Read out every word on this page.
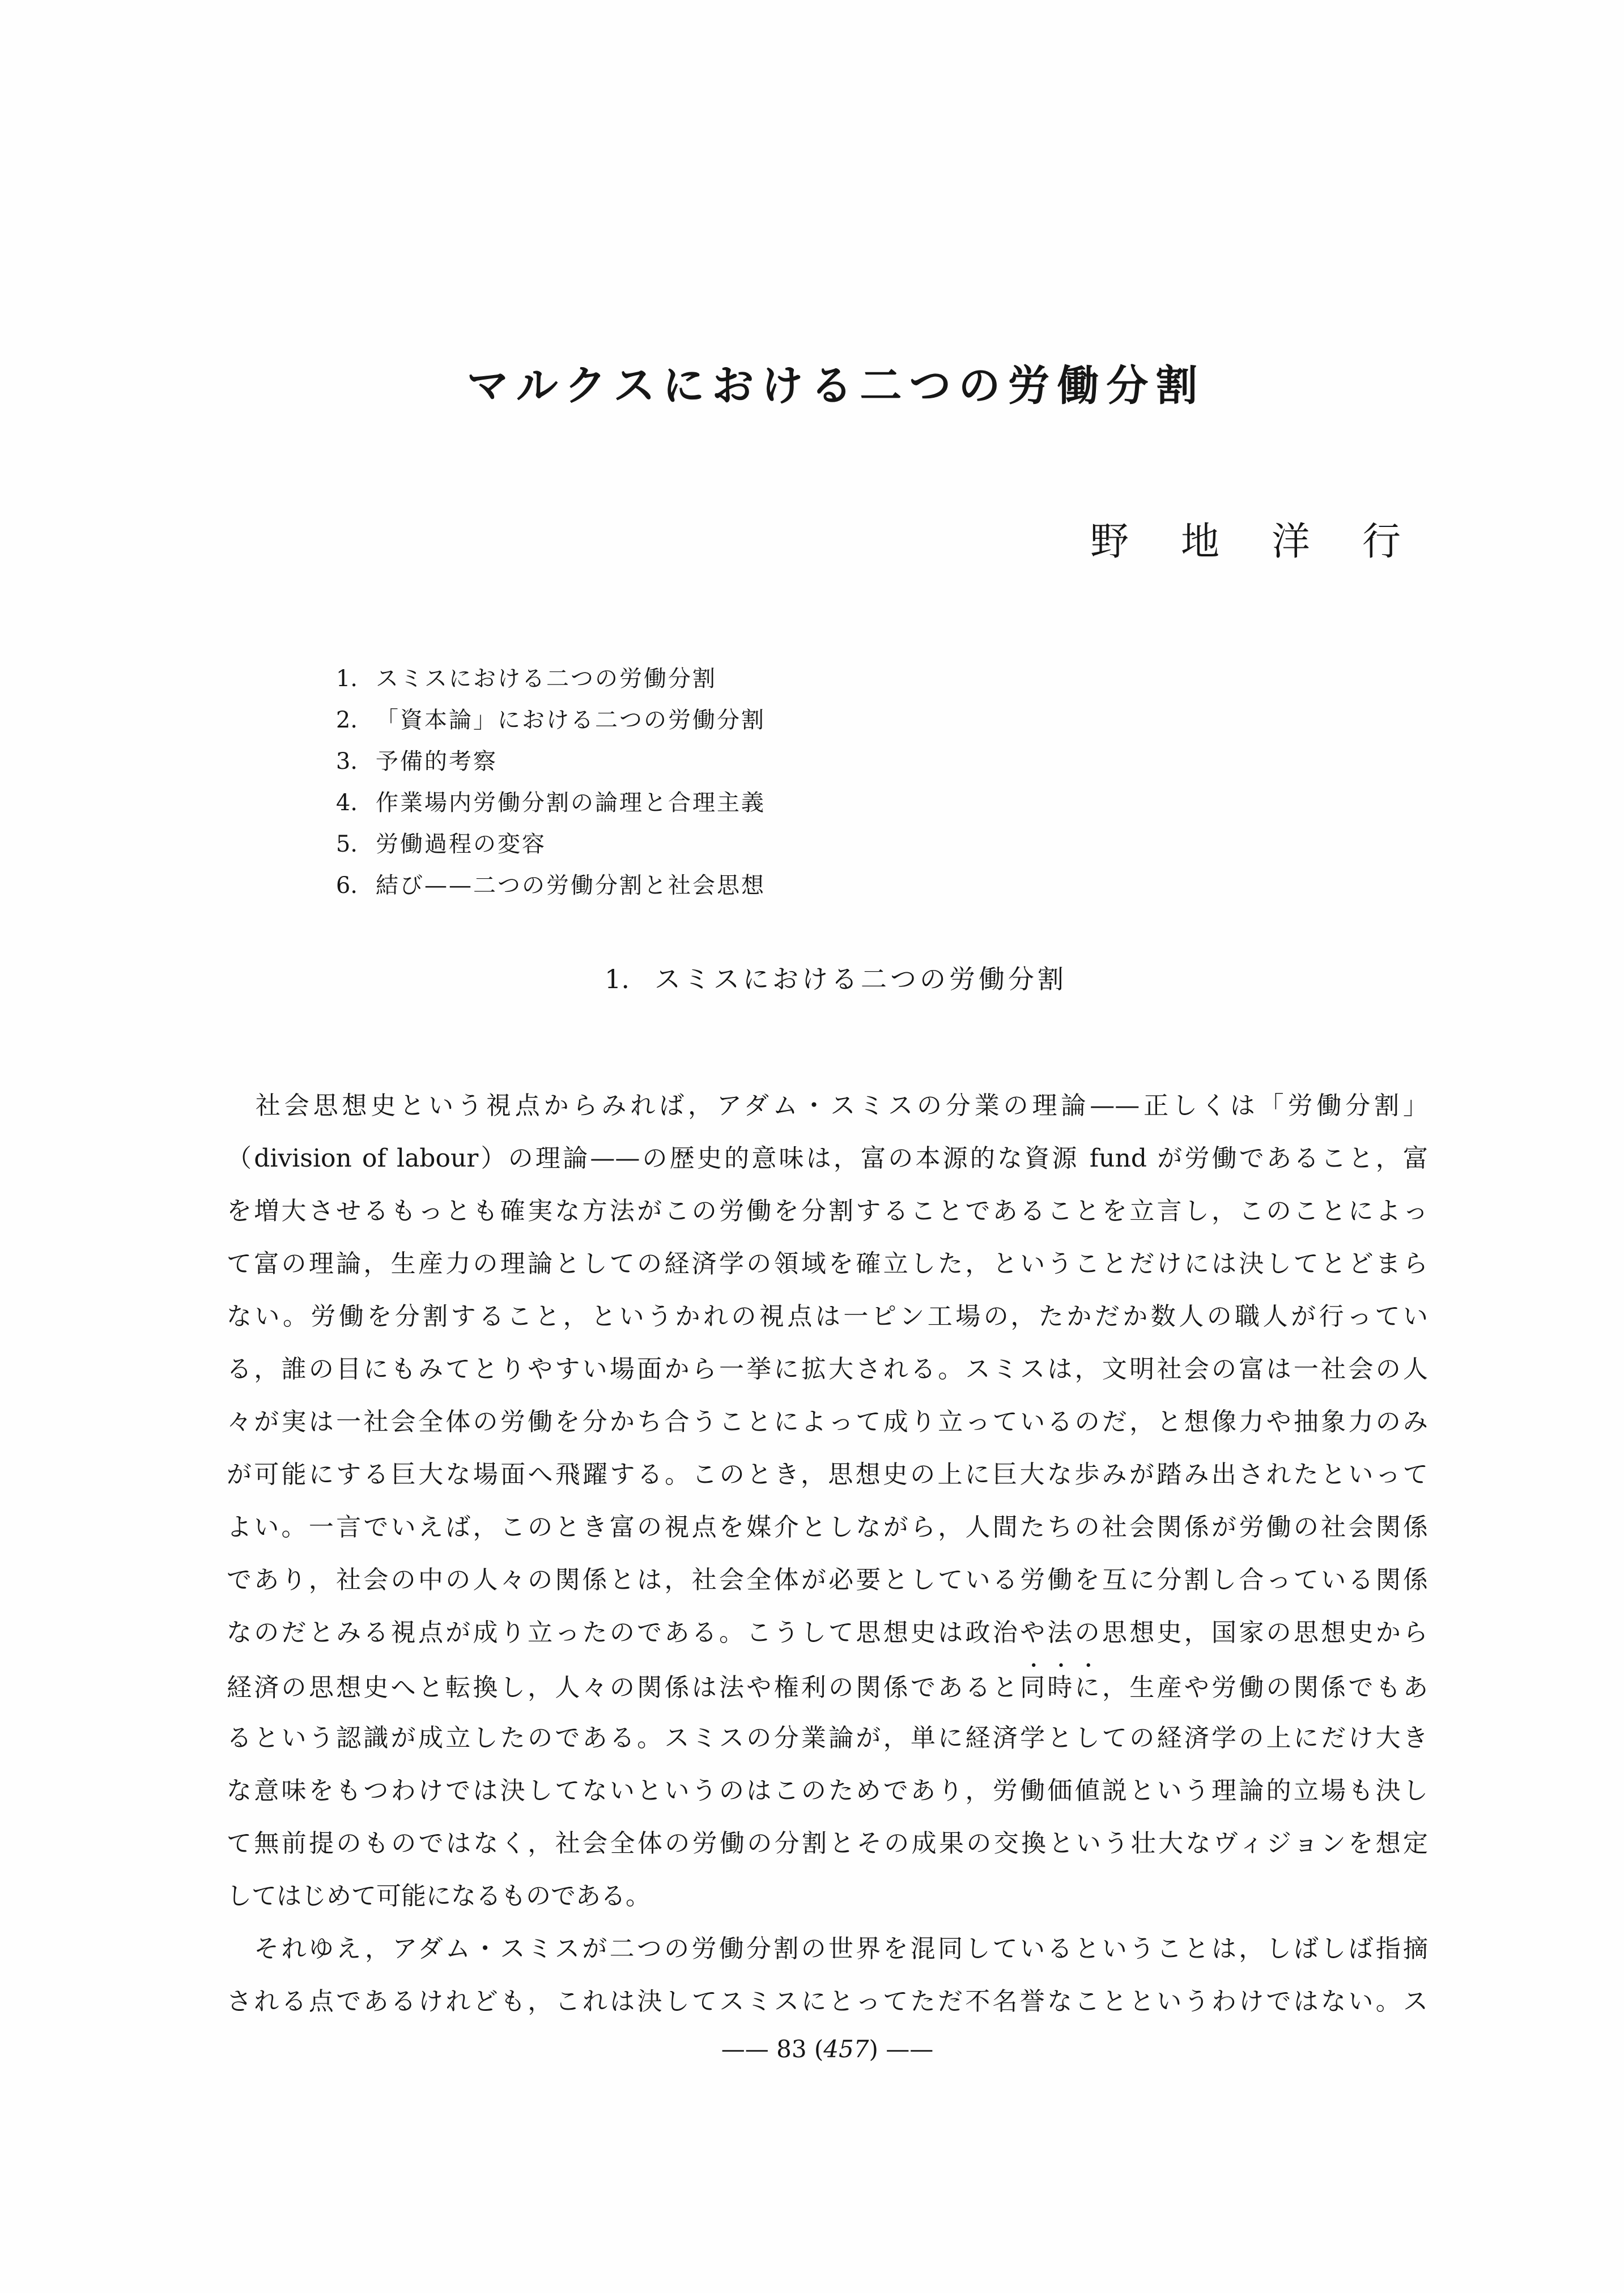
マルクスにおける二つの労働分割
野　地　洋　行
1. スミスにおける二つの労働分割
2. 「資本論」における二つの労働分割
3. 予備的考察
4. 作業場内労働分割の論理と合理主義
5. 労働過程の変容
6. 結び——二つの労働分割と社会思想
1. スミスにおける二つの労働分割
　社会思想史という視点からみれば，アダム・スミスの分業の理論——正しくは「労働分割」
（division of labour）の理論——の歴史的意味は，富の本源的な資源 fund が労働であること，富
を増大させるもっとも確実な方法がこの労働を分割することであることを立言し，このことによっ
て富の理論，生産力の理論としての経済学の領域を確立した，ということだけには決してとどまら
ない。労働を分割すること，というかれの視点は一ピン工場の，たかだか数人の職人が行ってい
る，誰の目にもみてとりやすい場面から一挙に拡大される。スミスは，文明社会の富は一社会の人
々が実は一社会全体の労働を分かち合うことによって成り立っているのだ，と想像力や抽象力のみ
が可能にする巨大な場面へ飛躍する。このとき，思想史の上に巨大な歩みが踏み出されたといって
よい。一言でいえば，このとき富の視点を媒介としながら，人間たちの社会関係が労働の社会関係
であり，社会の中の人々の関係とは，社会全体が必要としている労働を互に分割し合っている関係
なのだとみる視点が成り立ったのである。こうして思想史は政治や法の思想史，国家の思想史から
経済の思想史へと転換し，人々の関係は法や権利の関係であると同時に，生産や労働の関係でもあ
るという認識が成立したのである。スミスの分業論が，単に経済学としての経済学の上にだけ大き
な意味をもつわけでは決してないというのはこのためであり，労働価値説という理論的立場も決し
て無前提のものではなく，社会全体の労働の分割とその成果の交換という壮大なヴィジョンを想定
してはじめて可能になるものである。
　それゆえ，アダム・スミスが二つの労働分割の世界を混同しているということは，しばしば指摘
される点であるけれども，これは決してスミスにとってただ不名誉なことというわけではない。ス
—— 83 (457) ——
